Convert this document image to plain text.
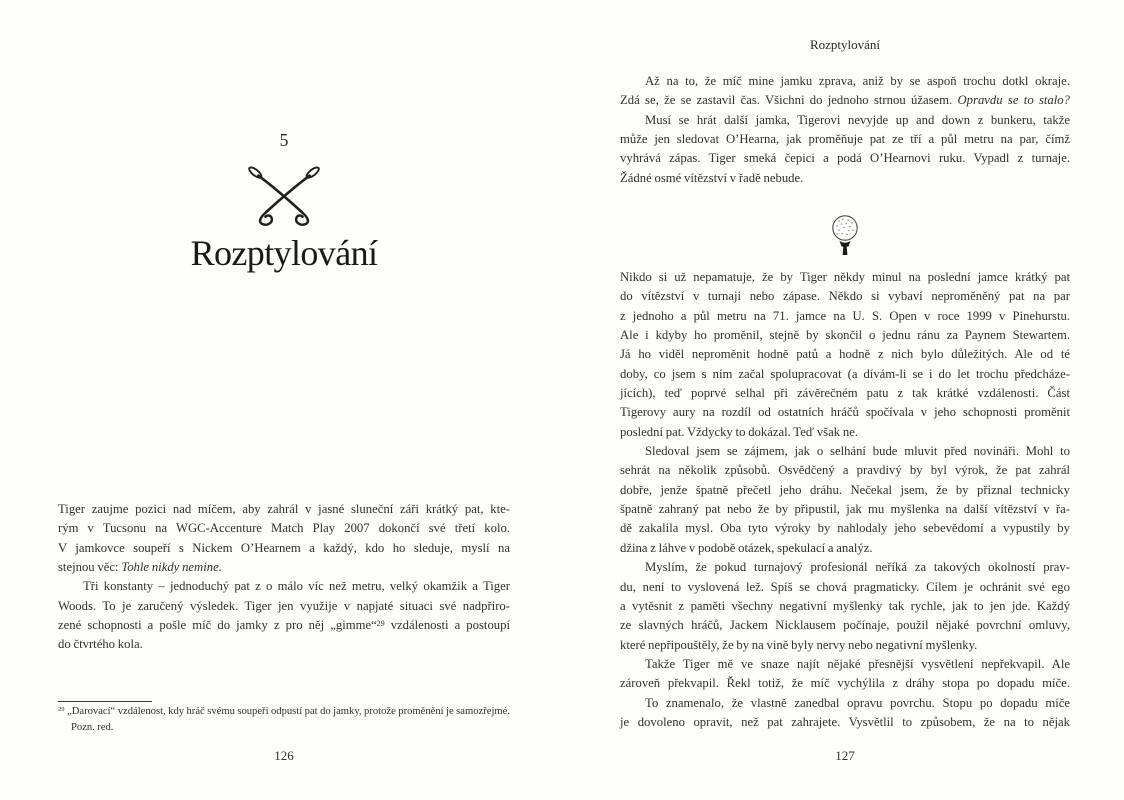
5
Rozptylování
Tiger zaujme pozici nad míčem, aby zahrál v jasné sluneční záři krátký pat, kte-
rým v Tucsonu na WGC-Accenture Match Play 2007 dokončí své třetí kolo.
V jamkovce soupeří s Nickem O’Hearnem a každý, kdo ho sleduje, myslí na
stejnou věc: Tohle nikdy nemine.
Tři konstanty – jednoduchý pat z o málo víc než metru, velký okamžik a Tiger
Woods. To je zaručený výsledek. Tiger jen využije v napjaté situaci své nadpřiro-
zené schopnosti a pošle míč do jamky z pro něj „gimme“$^{29}$ vzdálenosti a postoupí
do čtvrtého kola.
$^{29}$ „Darovací“ vzdálenost, kdy hráč svému soupeři odpustí pat do jamky, protože proměnění je samozřejmé.
Pozn. red.
126
Rozptylování
Až na to, že míč mine jamku zprava, aniž by se aspoň trochu dotkl okraje.
Zdá se, že se zastavil čas. Všichni do jednoho strnou úžasem. Opravdu se to stalo?
Musí se hrát další jamka, Tigerovi nevyjde up and down z bunkeru, takže
může jen sledovat O’Hearna, jak proměňuje pat ze tří a půl metru na par, čímž
vyhrává zápas. Tiger smeká čepici a podá O’Hearnovi ruku. Vypadl z turnaje.
Žádné osmé vítězství v řadě nebude.
Nikdo si už nepamatuje, že by Tiger někdy minul na poslední jamce krátký pat
do vítězství v turnaji nebo zápase. Někdo si vybaví neproměněný pat na par
z jednoho a půl metru na 71. jamce na U. S. Open v roce 1999 v Pinehurstu.
Ale i kdyby ho proměnil, stejně by skončil o jednu ránu za Paynem Stewartem.
Já ho viděl neproměnit hodně patů a hodně z nich bylo důležitých. Ale od té
doby, co jsem s ním začal spolupracovat (a dívám-li se i do let trochu předcháze-
jících), teď poprvé selhal při závěrečném patu z tak krátké vzdálenosti. Část
Tigerovy aury na rozdíl od ostatních hráčů spočívala v jeho schopnosti proměnit
poslední pat. Vždycky to dokázal. Teď však ne.
Sledoval jsem se zájmem, jak o selhání bude mluvit před novináři. Mohl to
sehrát na několik způsobů. Osvědčený a pravdivý by byl výrok, že pat zahrál
dobře, jenže špatně přečetl jeho dráhu. Nečekal jsem, že by přiznal technicky
špatně zahraný pat nebo že by připustil, jak mu myšlenka na další vítězství v řa-
dě zakalila mysl. Oba tyto výroky by nahlodaly jeho sebevědomí a vypustily by
džina z láhve v podobě otázek, spekulací a analýz.
Myslím, že pokud turnajový profesionál neříká za takových okolností prav-
du, není to vyslovená lež. Spíš se chová pragmaticky. Cílem je ochránit své ego
a vytěsnit z paměti všechny negativní myšlenky tak rychle, jak to jen jde. Každý
ze slavných hráčů, Jackem Nicklausem počínaje, použil nějaké povrchní omluvy,
které nepřipouštěly, že by na vině byly nervy nebo negativní myšlenky.
Takže Tiger mě ve snaze najít nějaké přesnější vysvětlení nepřekvapil. Ale
zároveň překvapil. Řekl totiž, že míč vychýlila z dráhy stopa po dopadu míče.
To znamenalo, že vlastně zanedbal opravu povrchu. Stopu po dopadu míče
je dovoleno opravit, než pat zahrajete. Vysvětlil to způsobem, že na to nějak
127
